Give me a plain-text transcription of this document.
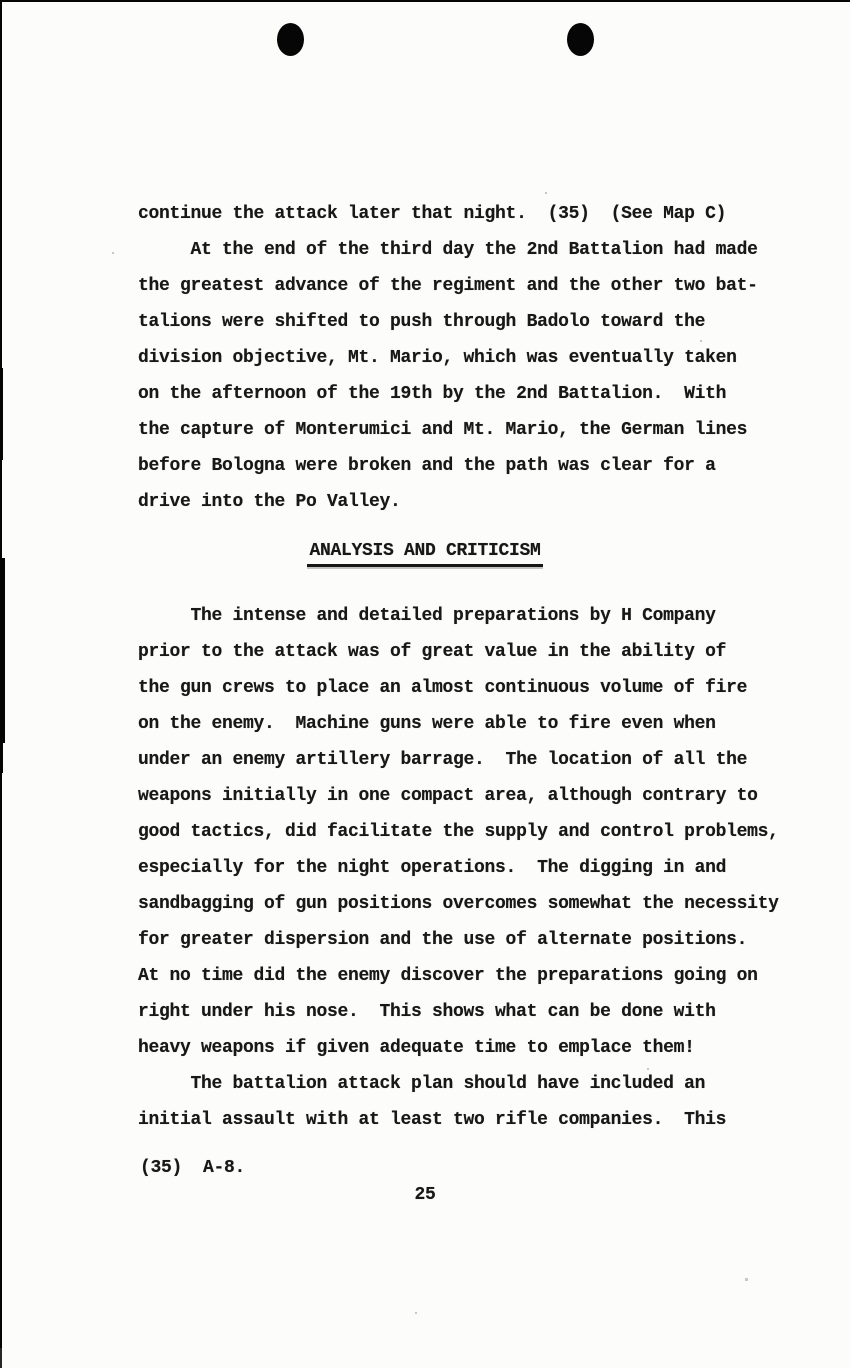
continue the attack later that night.  (35)  (See Map C)
At the end of the third day the 2nd Battalion had made
the greatest advance of the regiment and the other two bat-
talions were shifted to push through Badolo toward the
division objective, Mt. Mario, which was eventually taken
on the afternoon of the 19th by the 2nd Battalion.  With
the capture of Monterumici and Mt. Mario, the German lines
before Bologna were broken and the path was clear for a
drive into the Po Valley.
ANALYSIS AND CRITICISM
The intense and detailed preparations by H Company
prior to the attack was of great value in the ability of
the gun crews to place an almost continuous volume of fire
on the enemy.  Machine guns were able to fire even when
under an enemy artillery barrage.  The location of all the
weapons initially in one compact area, although contrary to
good tactics, did facilitate the supply and control problems,
especially for the night operations.  The digging in and
sandbagging of gun positions overcomes somewhat the necessity
for greater dispersion and the use of alternate positions.
At no time did the enemy discover the preparations going on
right under his nose.  This shows what can be done with
heavy weapons if given adequate time to emplace them!
The battalion attack plan should have included an
initial assault with at least two rifle companies.  This
(35)  A-8.
25
